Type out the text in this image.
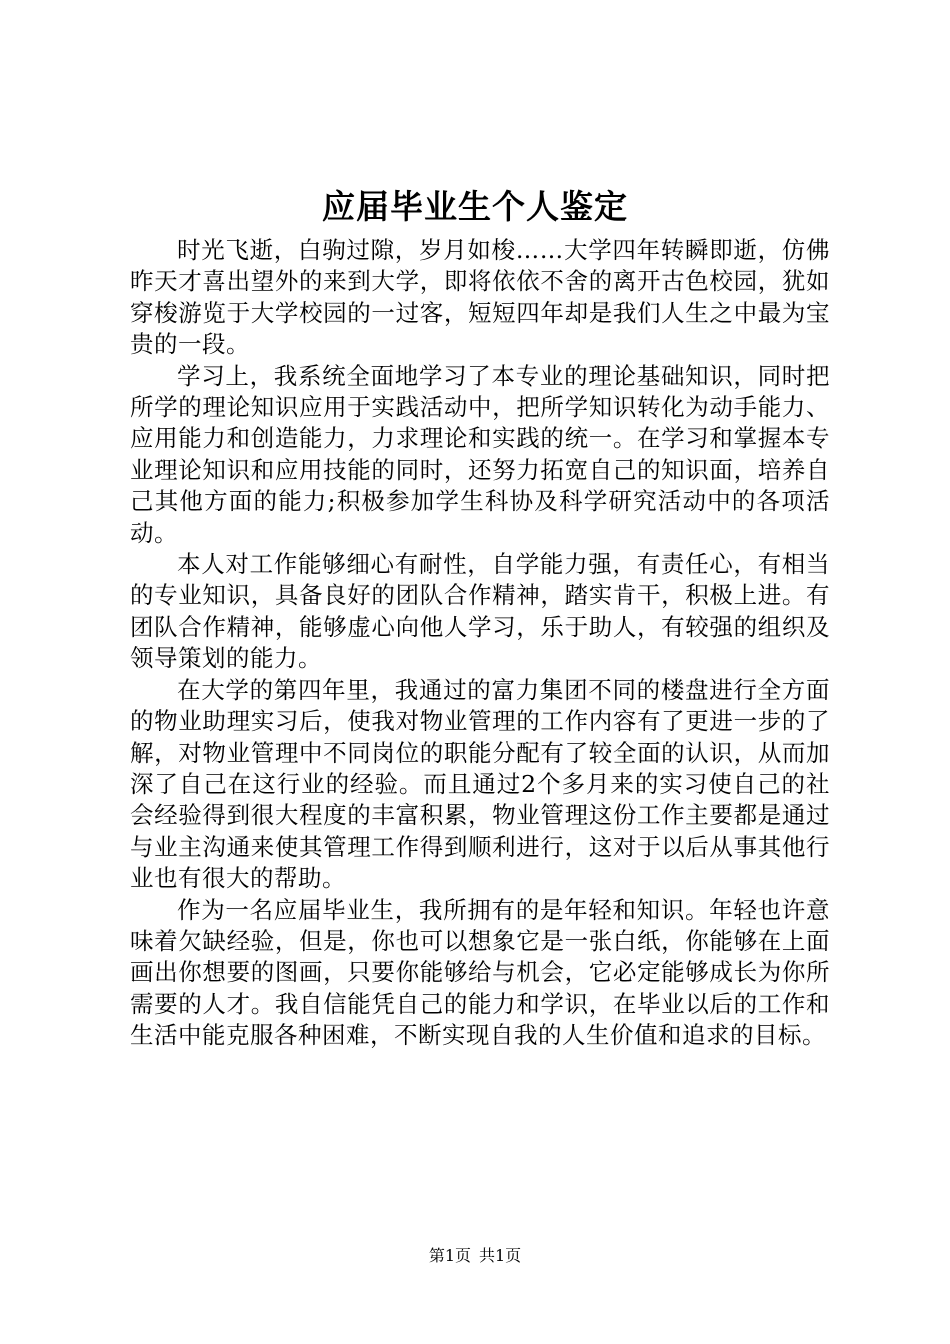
应届毕业生个人鉴定

时光飞逝，白驹过隙，岁月如梭……大学四年转瞬即逝，仿佛昨天才喜出望外的来到大学，即将依依不舍的离开古色校园，犹如穿梭游览于大学校园的一过客，短短四年却是我们人生之中最为宝贵的一段。

学习上，我系统全面地学习了本专业的理论基础知识，同时把所学的理论知识应用于实践活动中，把所学知识转化为动手能力、应用能力和创造能力，力求理论和实践的统一。在学习和掌握本专业理论知识和应用技能的同时，还努力拓宽自己的知识面，培养自己其他方面的能力;积极参加学生科协及科学研究活动中的各项活动。

本人对工作能够细心有耐性，自学能力强，有责任心，有相当的专业知识，具备良好的团队合作精神，踏实肯干，积极上进。有团队合作精神，能够虚心向他人学习，乐于助人，有较强的组织及领导策划的能力。

在大学的第四年里，我通过的富力集团不同的楼盘进行全方面的物业助理实习后，使我对物业管理的工作内容有了更进一步的了解，对物业管理中不同岗位的职能分配有了较全面的认识，从而加深了自己在这行业的经验。而且通过2个多月来的实习使自己的社会经验得到很大程度的丰富积累，物业管理这份工作主要都是通过与业主沟通来使其管理工作得到顺利进行，这对于以后从事其他行业也有很大的帮助。

作为一名应届毕业生，我所拥有的是年轻和知识。年轻也许意味着欠缺经验，但是，你也可以想象它是一张白纸，你能够在上面画出你想要的图画，只要你能够给与机会，它必定能够成长为你所需要的人才。我自信能凭自己的能力和学识，在毕业以后的工作和生活中能克服各种困难，不断实现自我的人生价值和追求的目标。

第1页 共1页
